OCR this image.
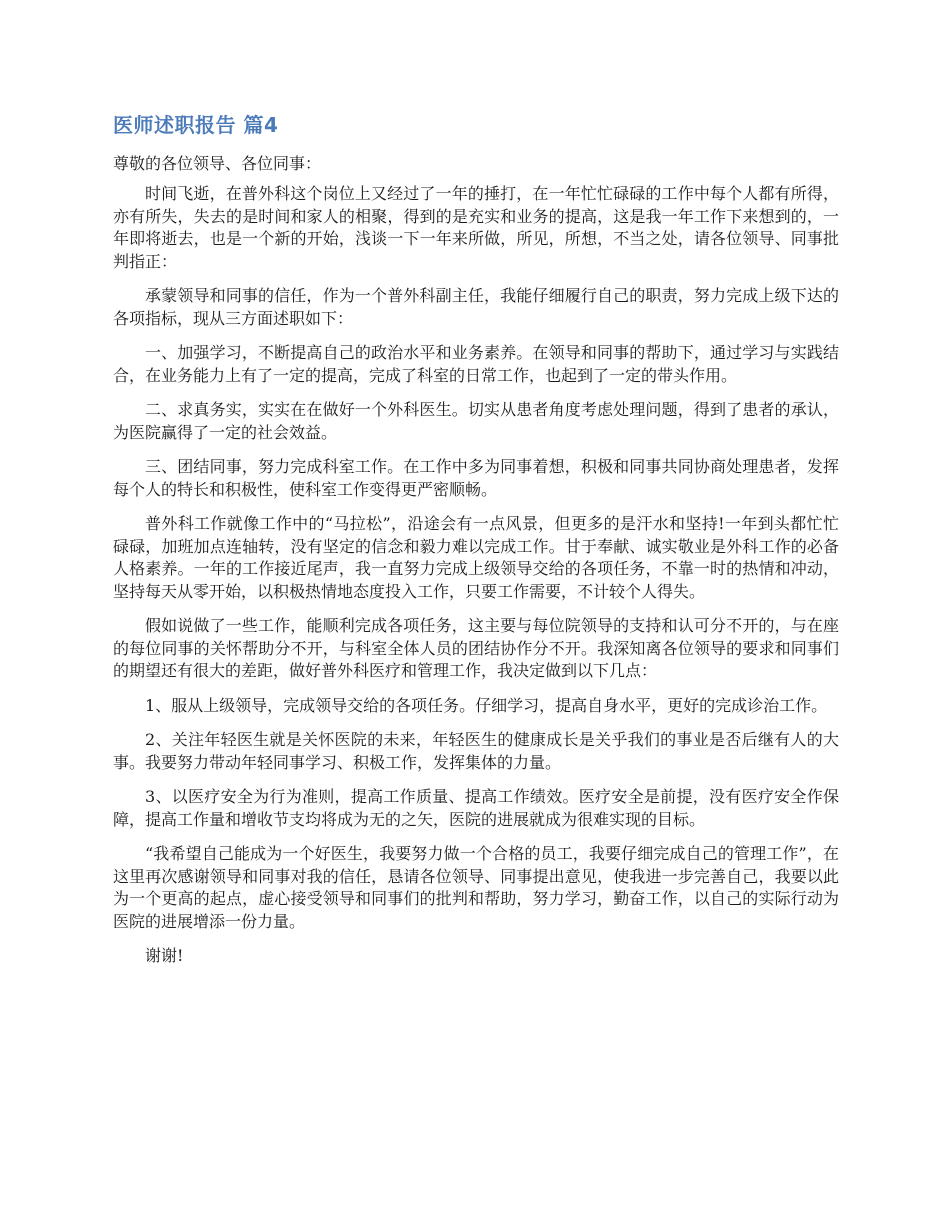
医师述职报告 篇4

尊敬的各位领导、各位同事：

时间飞逝，在普外科这个岗位上又经过了一年的捶打，在一年忙忙碌碌的工作中每个人都有所得，亦有所失，失去的是时间和家人的相聚，得到的是充实和业务的提高，这是我一年工作下来想到的，一年即将逝去，也是一个新的开始，浅谈一下一年来所做，所见，所想，不当之处，请各位领导、同事批判指正：

承蒙领导和同事的信任，作为一个普外科副主任，我能仔细履行自己的职责，努力完成上级下达的各项指标，现从三方面述职如下：

一、加强学习，不断提高自己的政治水平和业务素养。在领导和同事的帮助下，通过学习与实践结合，在业务能力上有了一定的提高，完成了科室的日常工作，也起到了一定的带头作用。

二、求真务实，实实在在做好一个外科医生。切实从患者角度考虑处理问题，得到了患者的承认，为医院赢得了一定的社会效益。

三、团结同事，努力完成科室工作。在工作中多为同事着想，积极和同事共同协商处理患者，发挥每个人的特长和积极性，使科室工作变得更严密顺畅。

普外科工作就像工作中的“马拉松”，沿途会有一点风景，但更多的是汗水和坚持!一年到头都忙忙碌碌，加班加点连轴转，没有坚定的信念和毅力难以完成工作。甘于奉献、诚实敬业是外科工作的必备人格素养。一年的工作接近尾声，我一直努力完成上级领导交给的各项任务，不靠一时的热情和冲动，坚持每天从零开始，以积极热情地态度投入工作，只要工作需要，不计较个人得失。

假如说做了一些工作，能顺利完成各项任务，这主要与每位院领导的支持和认可分不开的，与在座的每位同事的关怀帮助分不开，与科室全体人员的团结协作分不开。我深知离各位领导的要求和同事们的期望还有很大的差距，做好普外科医疗和管理工作，我决定做到以下几点：

1、服从上级领导，完成领导交给的各项任务。仔细学习，提高自身水平，更好的完成诊治工作。

2、关注年轻医生就是关怀医院的未来，年轻医生的健康成长是关乎我们的事业是否后继有人的大事。我要努力带动年轻同事学习、积极工作，发挥集体的力量。

3、以医疗安全为行为准则，提高工作质量、提高工作绩效。医疗安全是前提，没有医疗安全作保障，提高工作量和增收节支均将成为无的之矢，医院的进展就成为很难实现的目标。

“我希望自己能成为一个好医生，我要努力做一个合格的员工，我要仔细完成自己的管理工作”，在这里再次感谢领导和同事对我的信任，恳请各位领导、同事提出意见，使我进一步完善自己，我要以此为一个更高的起点，虚心接受领导和同事们的批判和帮助，努力学习，勤奋工作，以自己的实际行动为医院的进展增添一份力量。

谢谢!
